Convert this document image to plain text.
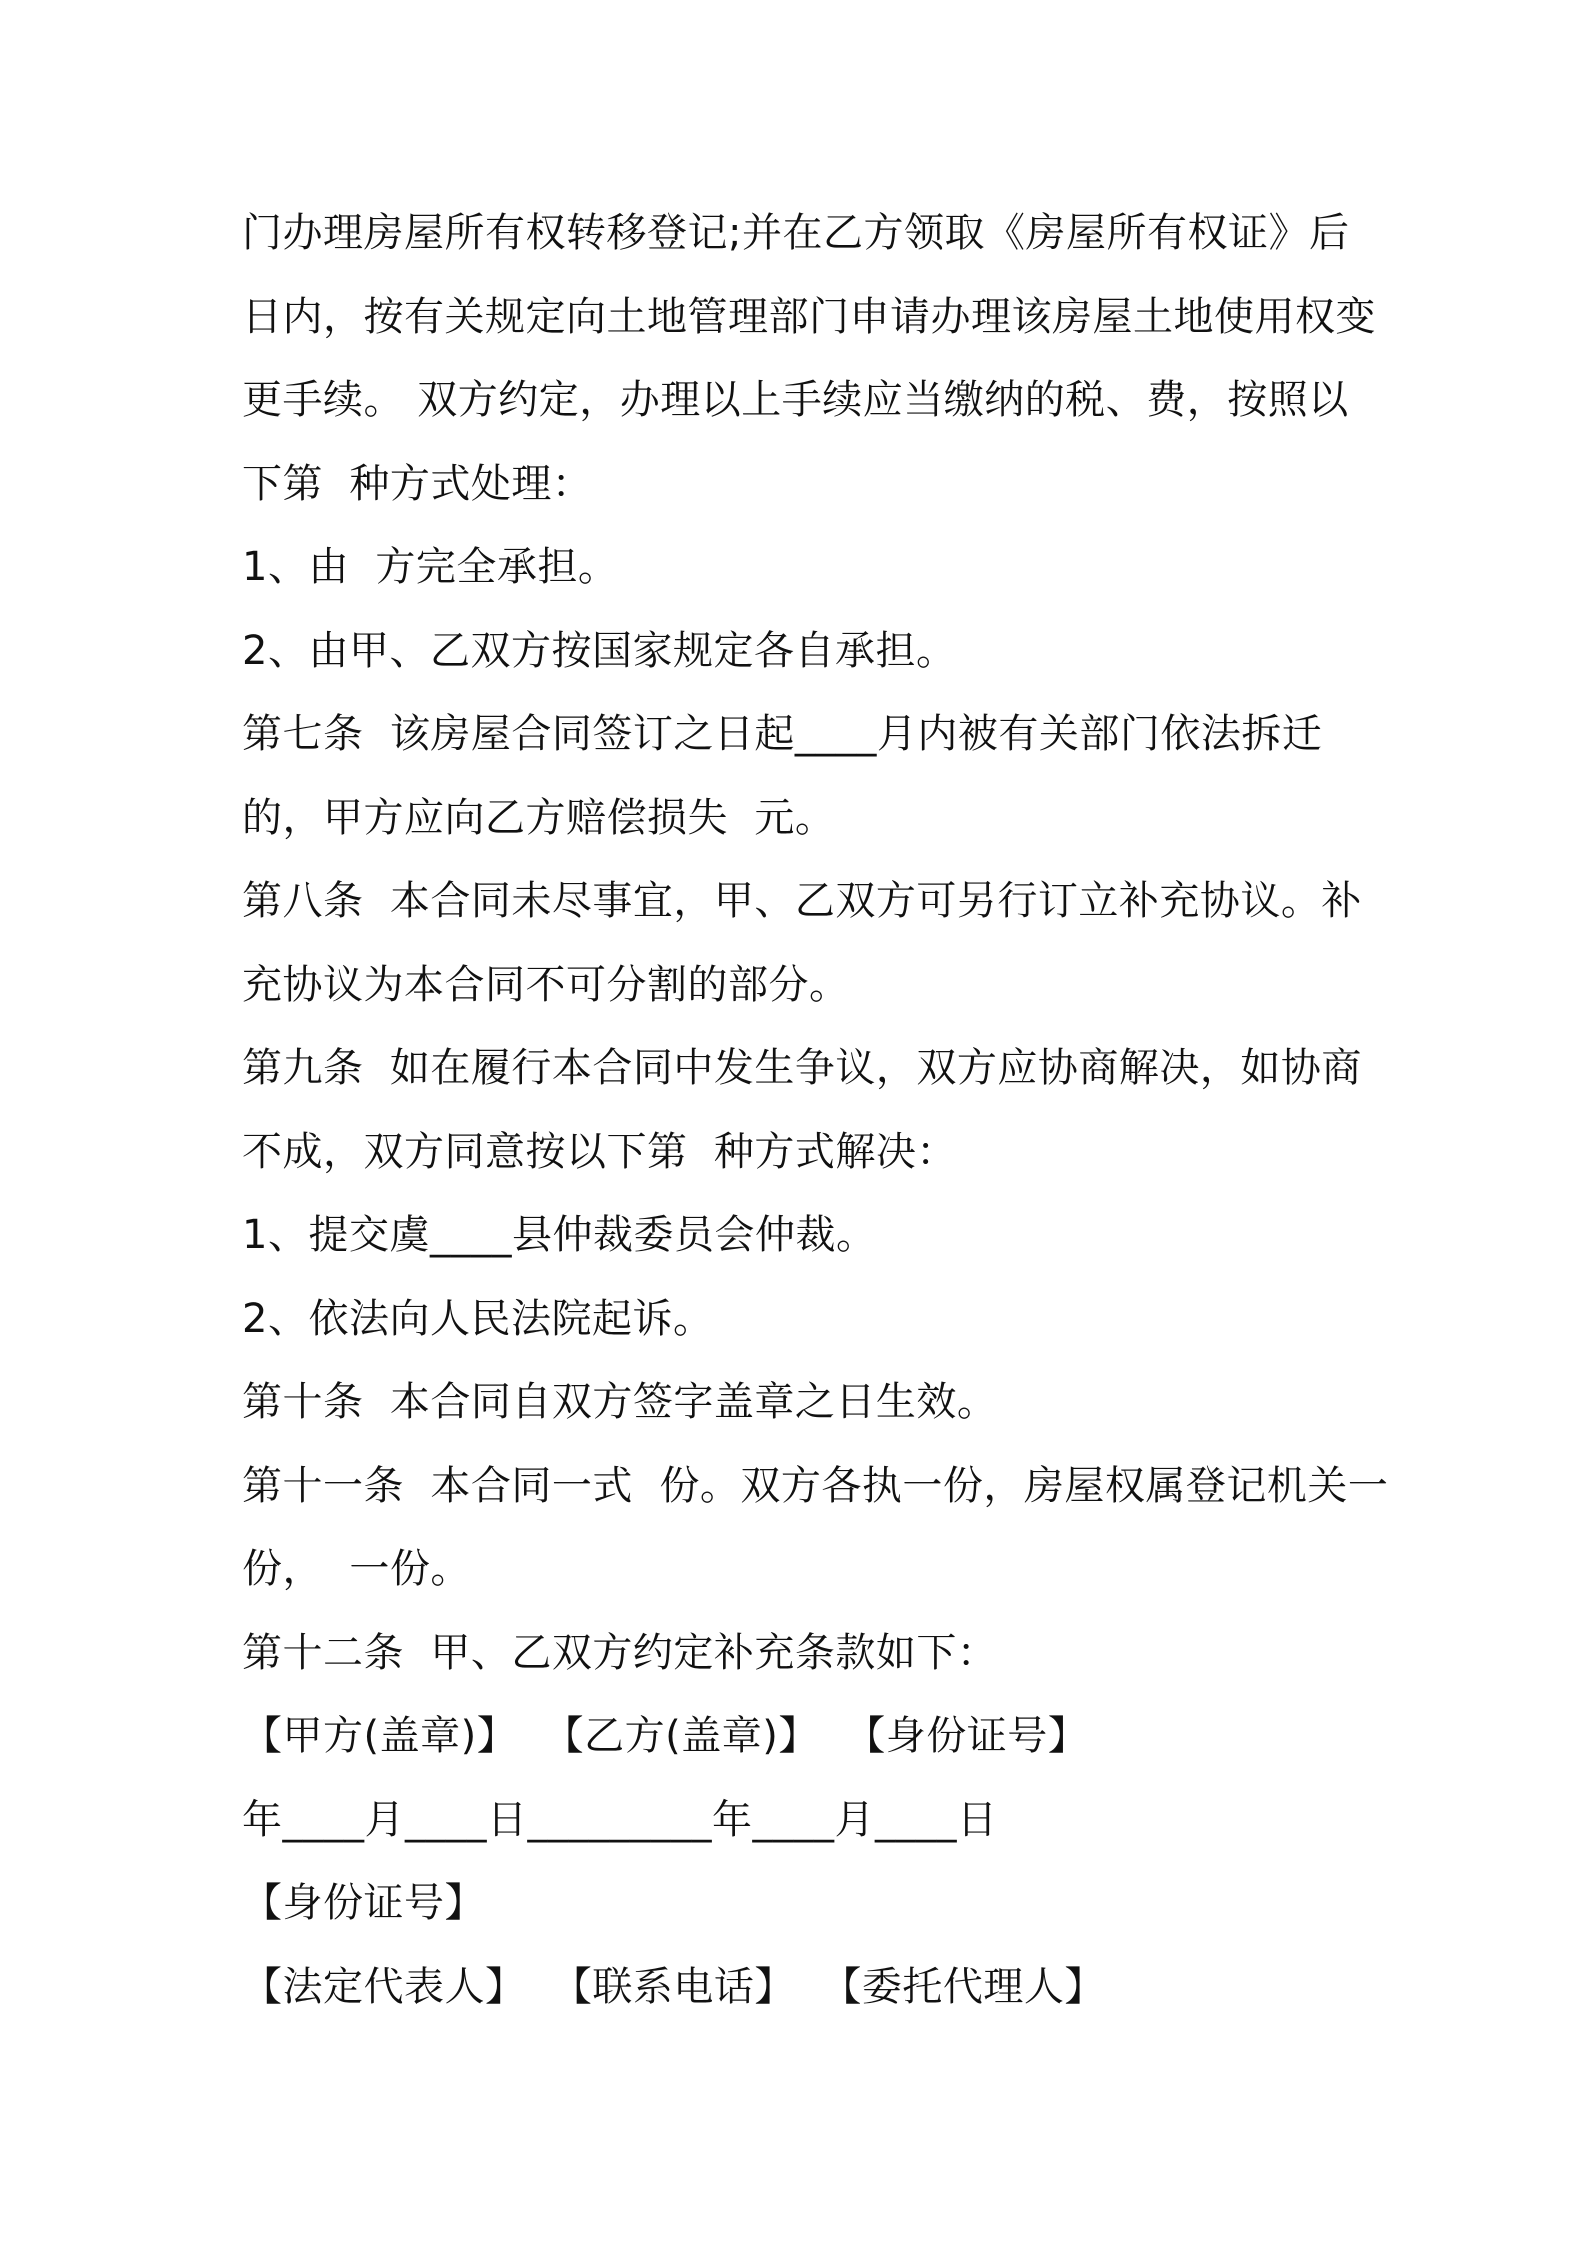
门办理房屋所有权转移登记;并在乙方领取《房屋所有权证》后
日内，按有关规定向土地管理部门申请办理该房屋土地使用权变
更手续。 双方约定，办理以上手续应当缴纳的税、费，按照以
下第  种方式处理：
1、由  方完全承担。
2、由甲、乙双方按国家规定各自承担。
第七条  该房屋合同签订之日起____月内被有关部门依法拆迁
的，甲方应向乙方赔偿损失  元。
第八条  本合同未尽事宜，甲、乙双方可另行订立补充协议。补
充协议为本合同不可分割的部分。
第九条  如在履行本合同中发生争议，双方应协商解决，如协商
不成，双方同意按以下第  种方式解决：
1、提交虞____县仲裁委员会仲裁。
2、依法向人民法院起诉。
第十条  本合同自双方签字盖章之日生效。
第十一条  本合同一式  份。双方各执一份，房屋权属登记机关一
份，  一份。
第十二条  甲、乙双方约定补充条款如下：
【甲方(盖章)】  【乙方(盖章)】  【身份证号】
年____月____日_________年____月____日
【身份证号】
【法定代表人】  【联系电话】  【委托代理人】
